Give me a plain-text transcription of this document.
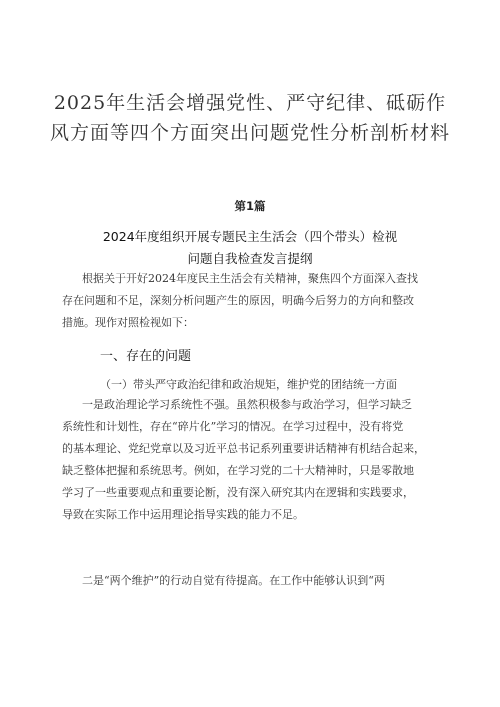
2025年生活会增强党性、严守纪律、砥砺作
风方面等四个方面突出问题党性分析剖析材料
第1篇
2024年度组织开展专题民主生活会（四个带头）检视
问题自我检查发言提纲
根据关于开好2024年度民主生活会有关精神，聚焦四个方面深入查找
存在问题和不足，深刻分析问题产生的原因，明确今后努力的方向和整改
措施。现作对照检视如下：
一、存在的问题
（一）带头严守政治纪律和政治规矩，维护党的团结统一方面
一是政治理论学习系统性不强。虽然积极参与政治学习，但学习缺乏
系统性和计划性，存在“碎片化”学习的情况。在学习过程中，没有将党
的基本理论、党纪党章以及习近平总书记系列重要讲话精神有机结合起来，
缺乏整体把握和系统思考。例如，在学习党的二十大精神时，只是零散地
学习了一些重要观点和重要论断，没有深入研究其内在逻辑和实践要求，
导致在实际工作中运用理论指导实践的能力不足。
二是“两个维护”的行动自觉有待提高。在工作中能够认识到“两
